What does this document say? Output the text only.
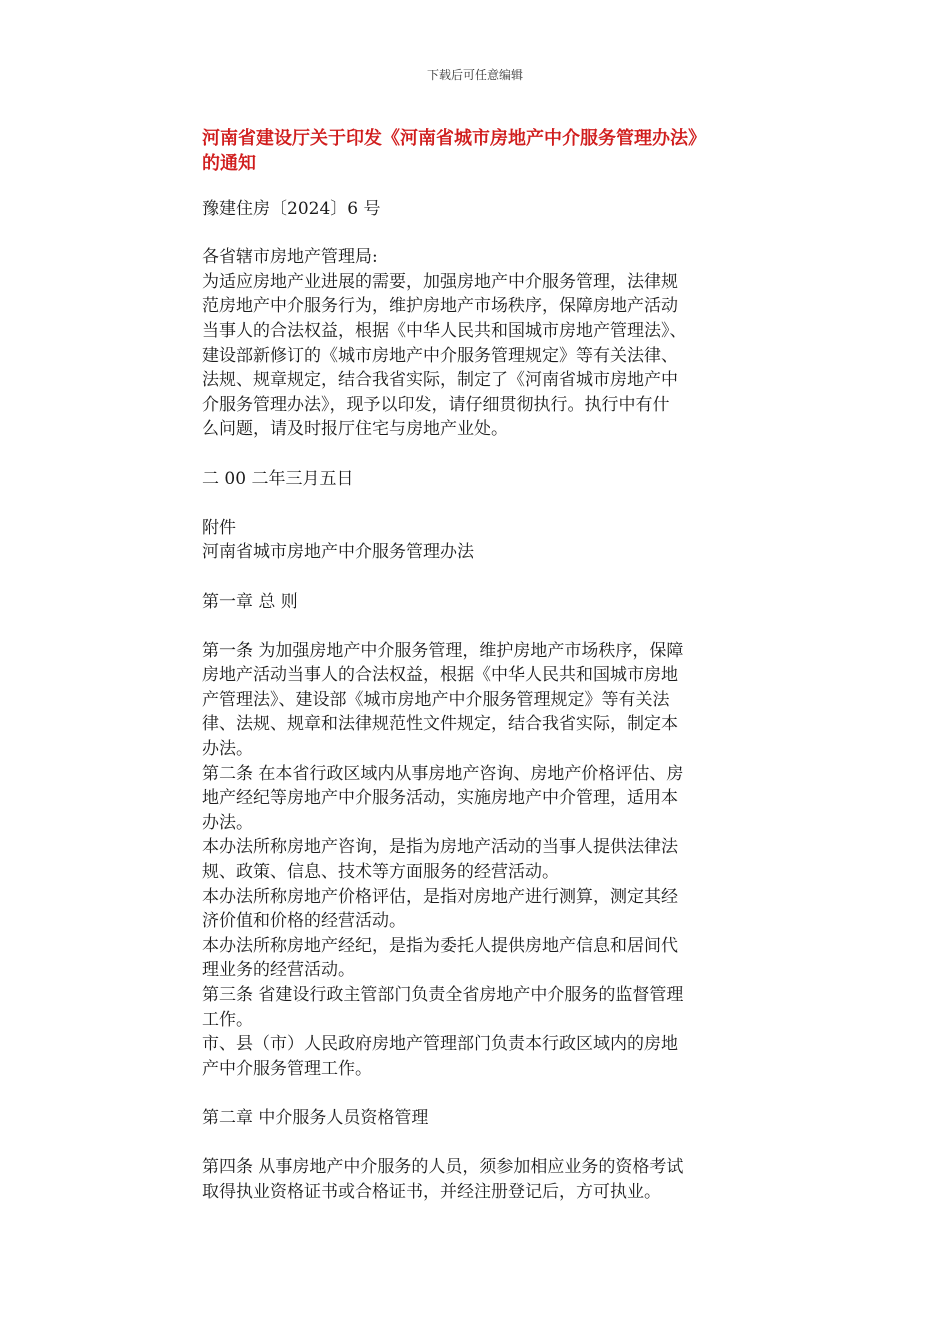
下载后可任意编辑

河南省建设厅关于印发《河南省城市房地产中介服务管理办法》

的通知

豫建住房〔2024〕6 号

各省辖市房地产管理局:

为适应房地产业进展的需要，加强房地产中介服务管理，法律规

范房地产中介服务行为，维护房地产市场秩序，保障房地产活动

当事人的合法权益，根据《中华人民共和国城市房地产管理法》、

建设部新修订的《城市房地产中介服务管理规定》等有关法律、

法规、规章规定，结合我省实际，制定了《河南省城市房地产中

介服务管理办法》，现予以印发，请仔细贯彻执行。执行中有什

么问题，请及时报厅住宅与房地产业处。

二 00 二年三月五日

附件

河南省城市房地产中介服务管理办法

第一章 总 则

第一条 为加强房地产中介服务管理，维护房地产市场秩序，保障

房地产活动当事人的合法权益，根据《中华人民共和国城市房地

产管理法》、建设部《城市房地产中介服务管理规定》等有关法

律、法规、规章和法律规范性文件规定，结合我省实际，制定本

办法。

第二条 在本省行政区域内从事房地产咨询、房地产价格评估、房

地产经纪等房地产中介服务活动，实施房地产中介管理，适用本

办法。

本办法所称房地产咨询，是指为房地产活动的当事人提供法律法

规、政策、信息、技术等方面服务的经营活动。

本办法所称房地产价格评估，是指对房地产进行测算，测定其经

济价值和价格的经营活动。

本办法所称房地产经纪，是指为委托人提供房地产信息和居间代

理业务的经营活动。

第三条 省建设行政主管部门负责全省房地产中介服务的监督管理

工作。

市、县（市）人民政府房地产管理部门负责本行政区域内的房地

产中介服务管理工作。

第二章 中介服务人员资格管理

第四条 从事房地产中介服务的人员，须参加相应业务的资格考试

取得执业资格证书或合格证书，并经注册登记后，方可执业。
